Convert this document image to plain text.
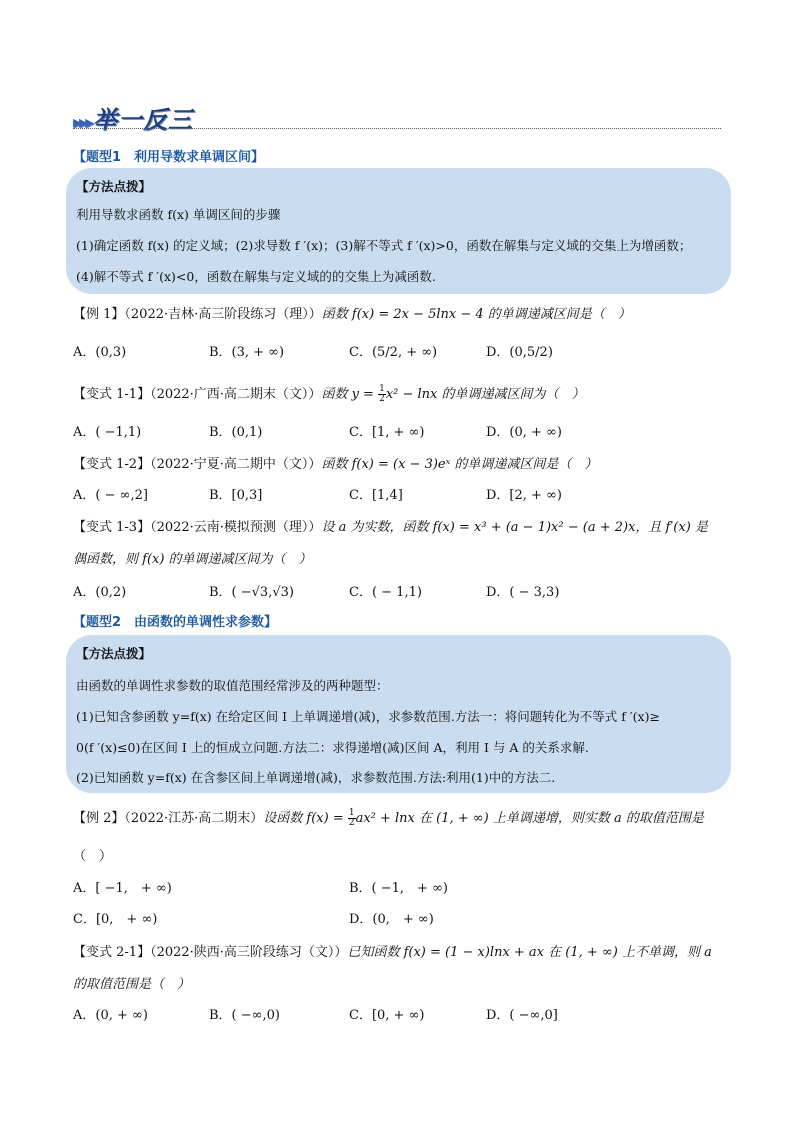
▸▸▸举一反三
【题型1　利用导数求单调区间】
【方法点拨】
利用导数求函数 f(x) 单调区间的步骤
(1)确定函数 f(x) 的定义域；(2)求导数 f ′(x)；(3)解不等式 f ′(x)>0，函数在解集与定义域的交集上为增函数；
(4)解不等式 f ′(x)<0，函数在解集与定义域的的交集上为减函数.
【例 1】（2022·吉林·高三阶段练习（理））函数 f(x) = 2x − 5lnx − 4 的单调递减区间是（　）
A．(0,3)	B．(3, + ∞)	C．(5/2, + ∞)	D．(0,5/2)
【变式 1-1】（2022·广西·高二期末（文））函数 $y = \frac{1}{2} x^2 - \ln x$ 的单调递减区间为（　）
A．( −1,1)	B．(0,1)	C．[1, + ∞)	D．(0, + ∞)
【变式 1-2】（2022·宁夏·高二期中（文））函数 f(x) = (x − 3)eˣ 的单调递减区间是（　）
A．( − ∞,2]	B．[0,3]	C．[1,4]	D．[2, + ∞)
【变式 1-3】（2022·云南·模拟预测（理））设 a 为实数，函数 f(x) = x³ + (a − 1)x² − (a + 2)x，且 f′(x) 是
偶函数，则 f(x) 的单调递减区间为（　）
A．(0,2)	B．( −√3,√3)	C．( − 1,1)	D．( − 3,3)
【题型2　由函数的单调性求参数】
【方法点拨】
由函数的单调性求参数的取值范围经常涉及的两种题型：
(1)已知含参函数 y=f(x) 在给定区间 I 上单调递增(减)，求参数范围.方法一：将问题转化为不等式 f ′(x)≥
0(f ′(x)≤0)在区间 I 上的恒成立问题.方法二：求得递增(减)区间 A，利用 I 与 A 的关系求解.
(2)已知函数 y=f(x) 在含参区间上单调递增(减)，求参数范围.方法:利用(1)中的方法二.
【例 2】（2022·江苏·高二期末）设函数 $f(x) = \frac{1}{2} ax^2 + \ln x$ 在 (1, + ∞) 上单调递增，则实数 a 的取值范围是
（　）
A．[ −1,　+ ∞)	B．( −1,　+ ∞)
C．[0,　+ ∞)	D．(0,　+ ∞)
【变式 2-1】（2022·陕西·高三阶段练习（文））已知函数 f(x) = (1 − x)lnx + ax 在 (1, + ∞) 上不单调，则 a
的取值范围是（　）
A．(0, + ∞)	B．( −∞,0)	C．[0, + ∞)	D．( −∞,0]
